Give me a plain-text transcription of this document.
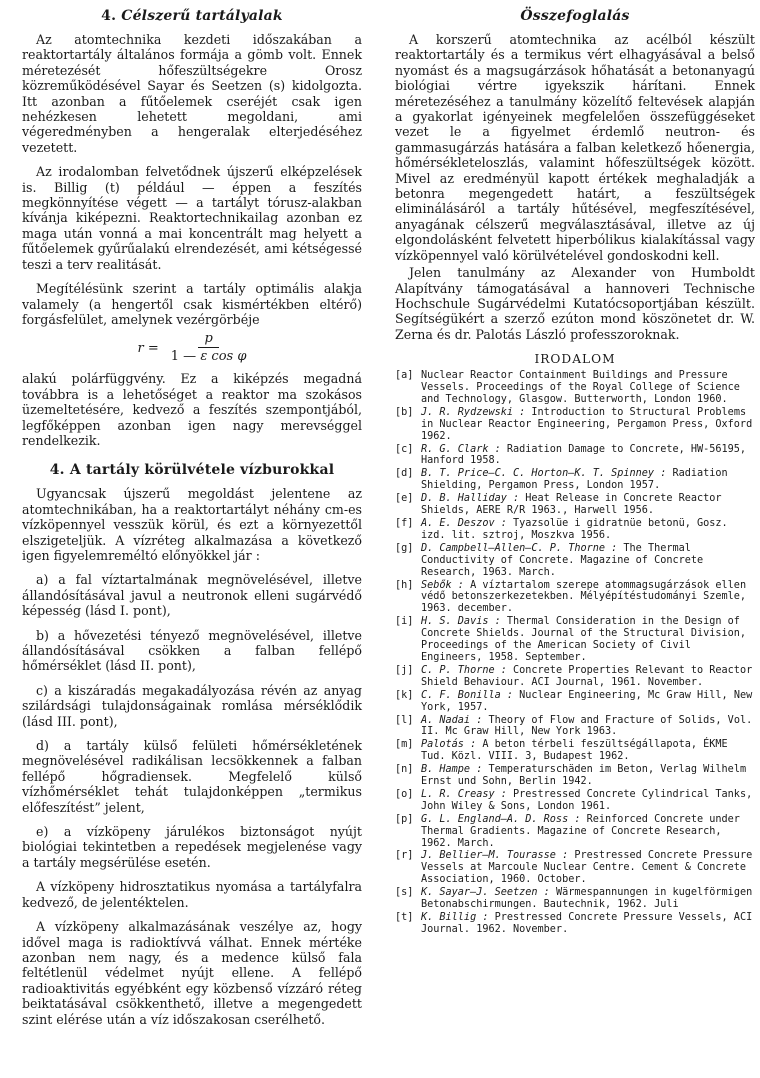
4. Célszerű tartályalak

Az atomtechnika kezdeti időszakában a reaktortartály általános formája a gömb volt. Ennek méretezését hőfeszültségekre Orosz közreműködésével Sayar és Seetzen (s) kidolgozta. Itt azonban a fűtőelemek cseréjét csak igen nehézkesen lehetett megoldani, ami végeredményben a hengeralak elterjedéséhez vezetett.

Az irodalomban felvetődnek újszerű elképzelések is. Billig (t) például — éppen a feszítés megkönnyítése végett — a tartályt tórusz-alakban kívánja kiképezni. Reaktortechnikailag azonban ez maga után vonná a mai koncentrált mag helyett a fűtőelemek gyűrűalakú elrendezését, ami kétségessé teszi a terv realitását.

Megítélésünk szerint a tartály optimális alakja valamely (a hengertől csak kismértékben eltérő) forgásfelület, amelynek vezérgörbéje

$r = \frac{p}{\text{1 — ε cos φ}}$

alakú polárfüggvény. Ez a kiképzés megadná továbbra is a lehetőséget a reaktor ma szokásos üzemeltetésére, kedvező a feszítés szempontjából, legfőképpen azonban igen nagy merevséggel rendelkezik.

4. A tartály körülvétele vízburokkal

Ugyancsak újszerű megoldást jelentene az atomtechnikában, ha a reaktortartályt néhány cm-es vízköpennyel vesszük körül, és ezt a környezettől elszigeteljük. A vízréteg alkalmazása a következő igen figyelemreméltó előnyökkel jár :

a) a fal víztartalmának megnövelésével, illetve állandósításával javul a neutronok elleni sugárvédő képesség (lásd I. pont),

b) a hővezetési tényező megnövelésével, illetve állandósításával csökken a falban fellépő hőmérséklet (lásd II. pont),

c) a kiszáradás megakadályozása révén az anyag szilárdsági tulajdonságainak romlása mérséklődik (lásd III. pont),

d) a tartály külső felületi hőmérsékletének megnövelésével radikálisan lecsökkennek a falban fellépő hőgradiensek. Megfelelő külső vízhőmérséklet tehát tulajdonképpen „termikus előfeszítést” jelent,

e) a vízköpeny járulékos biztonságot nyújt biológiai tekintetben a repedések megjelenése vagy a tartály megsérülése esetén.

A vízköpeny hidrosztatikus nyomása a tartályfalra kedvező, de jelentéktelen.

A vízköpeny alkalmazásának veszélye az, hogy idővel maga is radioktívvá válhat. Ennek mértéke azonban nem nagy, és a medence külső fala feltétlenül védelmet nyújt ellene. A fellépő radioaktivitás egyébként egy közbenső vízzáró réteg beiktatásával csökkenthető, illetve a megengedett szint elérése után a víz időszakosan cserélhető.

Összefoglalás

A korszerű atomtechnika az acélból készült reaktortartály és a termikus vért elhagyásával a belső nyomást és a magsugárzások hőhatását a betonanyagú biológiai vértre igyekszik hárítani. Ennek méretezéséhez a tanulmány közelítő feltevések alapján a gyakorlat igényeinek megfelelően összefüggéseket vezet le a figyelmet érdemlő neutron- és gammasugárzás hatására a falban keletkező hőenergia, hőmérsékleteloszlás, valamint hőfeszültségek között. Mivel az eredményül kapott értékek meghaladják a betonra megengedett határt, a feszültségek eliminálásáról a tartály hűtésével, megfeszítésével, anyagának célszerű megválasztásával, illetve az új elgondolásként felvetett hiperbólikus kialakítással vagy vízköpennyel való körülvételével gondoskodni kell.

Jelen tanulmány az Alexander von Humboldt Alapítvány támogatásával a hannoveri Technische Hochschule Sugárvédelmi Kutatócsoportjában készült. Segítségükért a szerző ezúton mond köszönetet dr. W. Zerna és dr. Palotás László professzoroknak.

IRODALOM
[a] Nuclear Reactor Containment Buildings and Pressure Vessels. Proceedings of the Royal College of Science and Technology, Glasgow. Butterworth, London 1960.
[b] J. R. Rydzewski : Introduction to Structural Problems in Nuclear Reactor Engineering, Pergamon Press, Oxford 1962.
[c] R. G. Clark : Radiation Damage to Concrete, HW-56195, Hanford 1958.
[d] B. T. Price—C. C. Horton—K. T. Spinney : Radiation Shielding, Pergamon Press, London 1957.
[e] D. B. Halliday : Heat Release in Concrete Reactor Shields, AERE R/R 1963., Harwell 1956.
[f] A. E. Deszov : Tyazsolüe i gidratnüe betonü, Gosz. izd. lit. sztroj, Moszkva 1956.
[g] D. Campbell—Allen—C. P. Thorne : The Thermal Conductivity of Concrete. Magazine of Concrete Research, 1963. March.
[h] Sebők : A víztartalom szerepe atommagsugárzások ellen védő betonszerkezetekben. Mélyépítéstudományi Szemle, 1963. december.
[i] H. S. Davis : Thermal Consideration in the Design of Concrete Shields. Journal of the Structural Division, Proceedings of the American Society of Civil Engineers, 1958. September.
[j] C. P. Thorne : Concrete Properties Relevant to Reactor Shield Behaviour. ACI Journal, 1961. November.
[k] C. F. Bonilla : Nuclear Engineering, Mc Graw Hill, New York, 1957.
[l] A. Nadai : Theory of Flow and Fracture of Solids, Vol. II. Mc Graw Hill, New York 1963.
[m] Palotás : A beton térbeli feszültségállapota, ÉKME Tud. Közl. VIII. 3, Budapest 1962.
[n] B. Hampe : Temperaturschäden im Beton, Verlag Wilhelm Ernst und Sohn, Berlin 1942.
[o] L. R. Creasy : Prestressed Concrete Cylindrical Tanks, John Wiley & Sons, London 1961.
[p] G. L. England—A. D. Ross : Reinforced Concrete under Thermal Gradients. Magazine of Concrete Research, 1962. March.
[r] J. Bellier—M. Tourasse : Prestressed Concrete Pressure Vessels at Marcoule Nuclear Centre. Cement & Concrete Association, 1960. October.
[s] K. Sayar—J. Seetzen : Wärmespannungen in kugelförmigen Betonabschirmungen. Bautechnik, 1962. Juli
[t] K. Billig : Prestressed Concrete Pressure Vessels, ACI Journal. 1962. November.
